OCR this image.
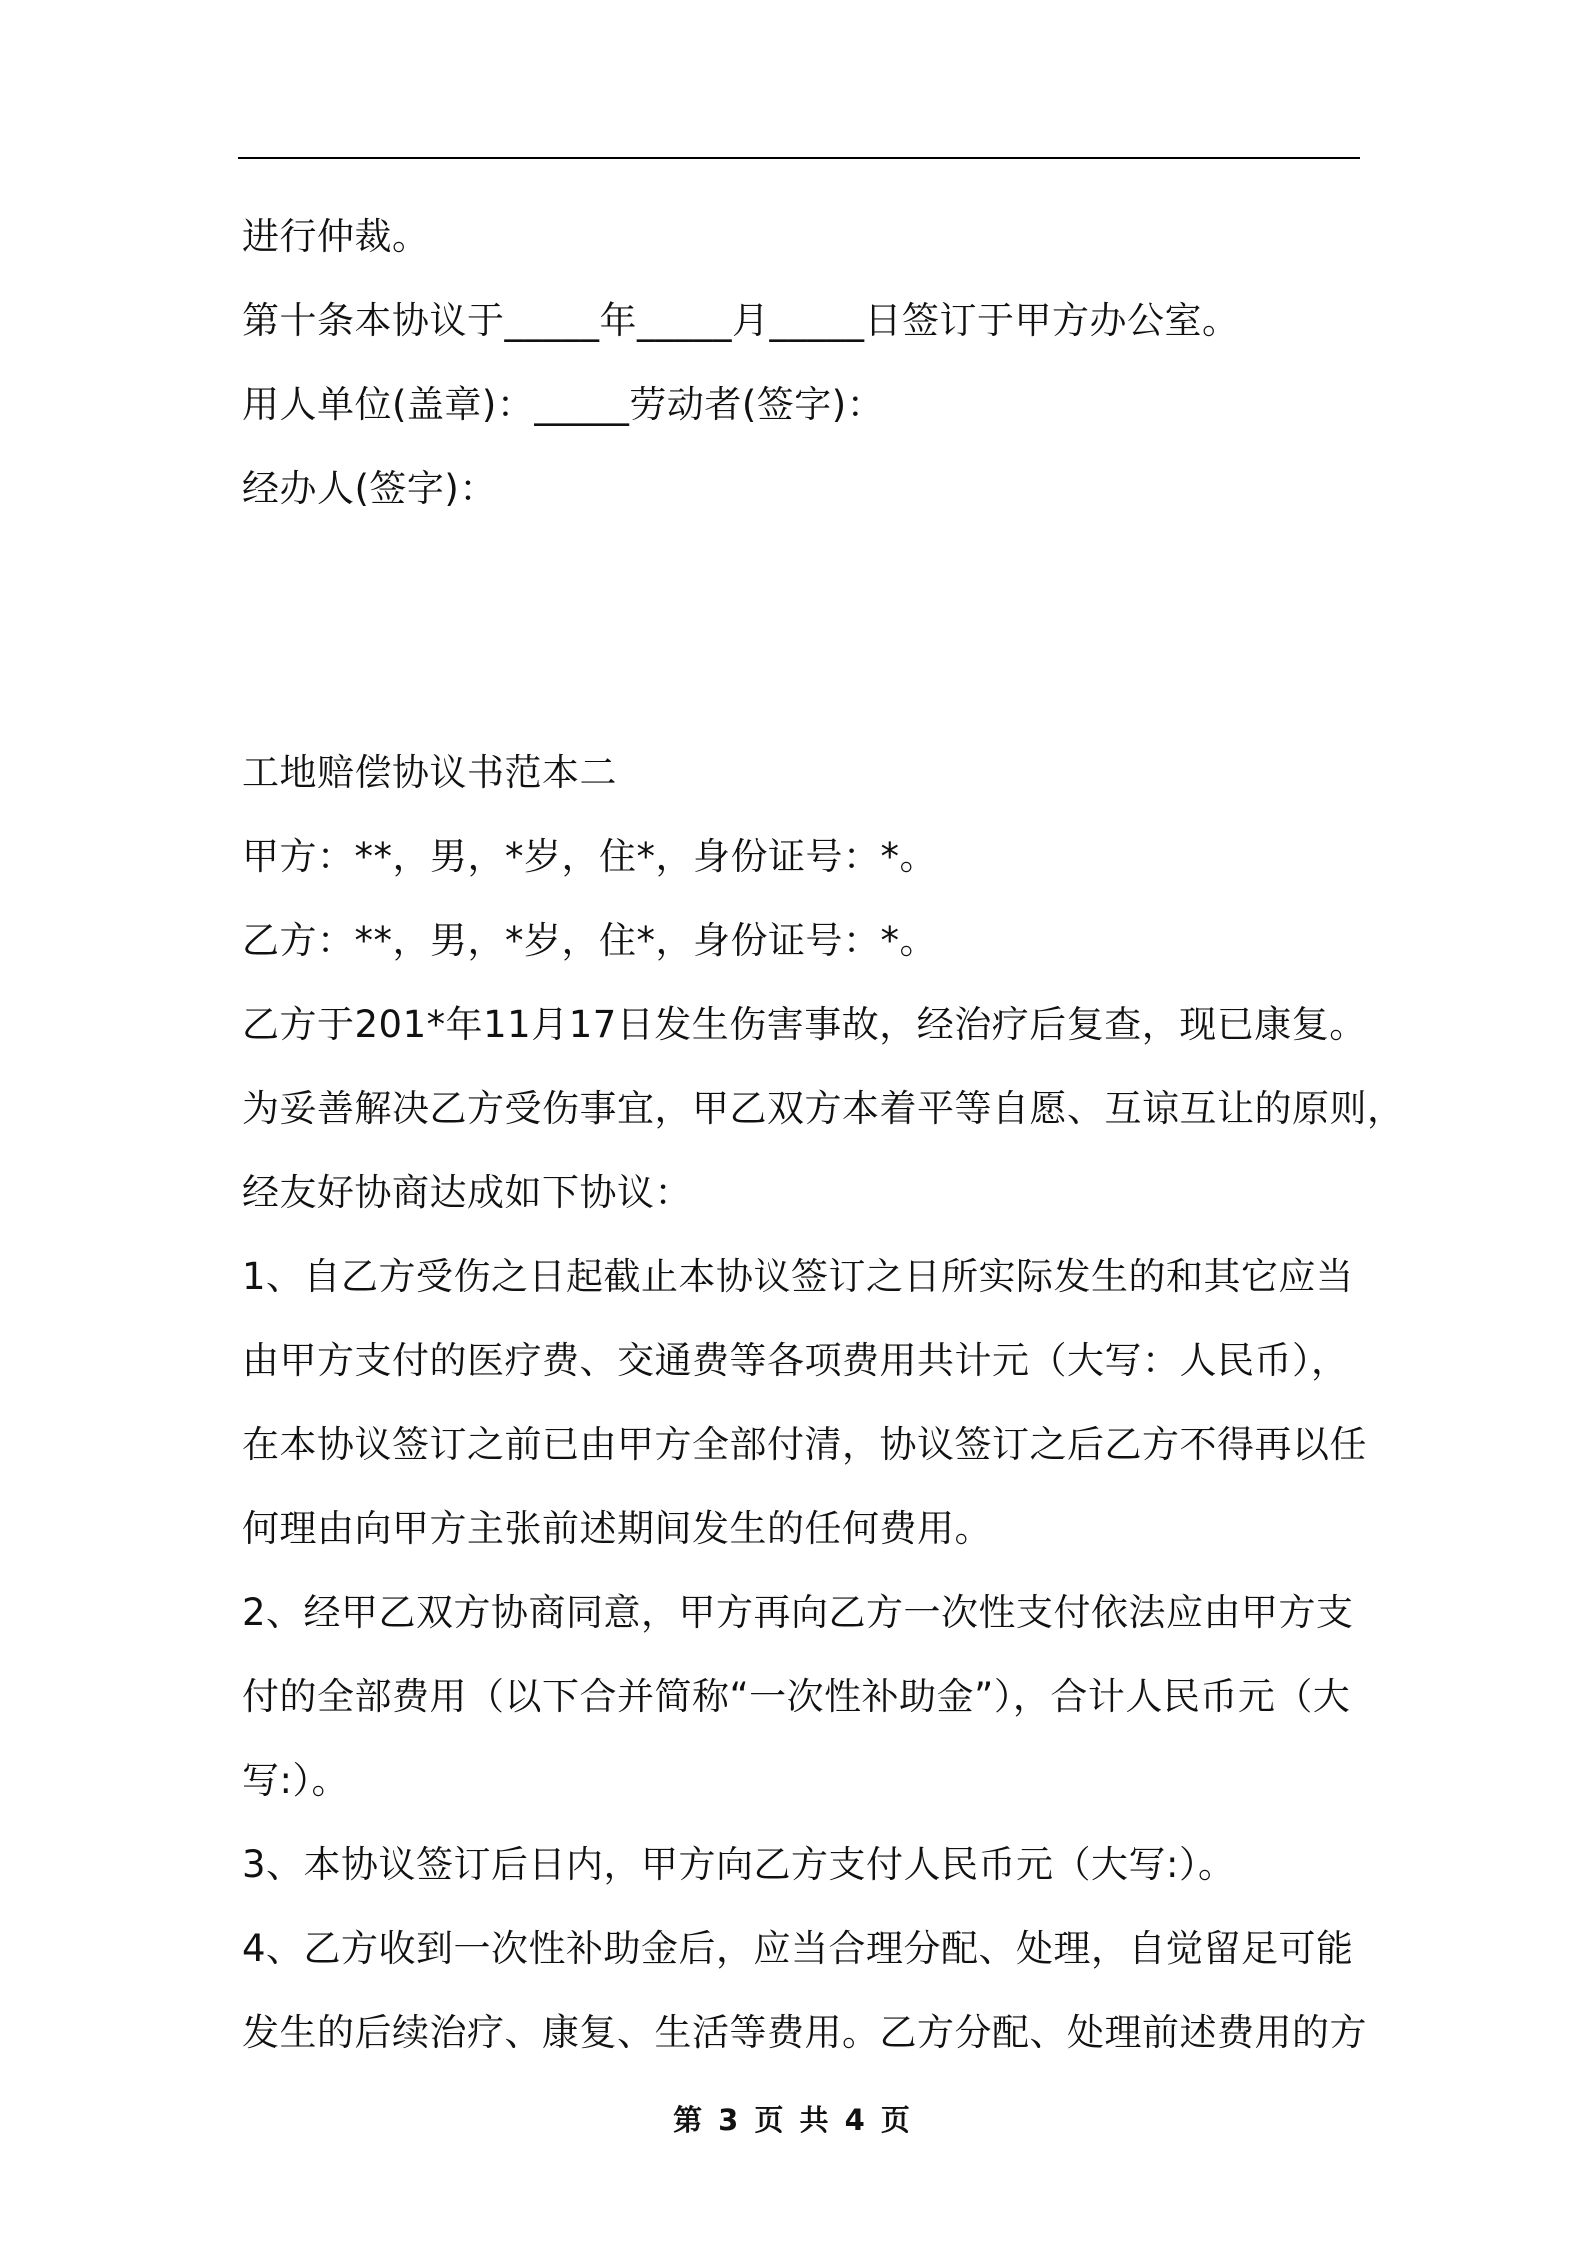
进行仲裁。
第十条本协议于_____年_____月_____日签订于甲方办公室。
用人单位(盖章)：_____劳动者(签字)：
经办人(签字)：
工地赔偿协议书范本二
甲方：**，男，*岁，住*，身份证号：*。
乙方：**，男，*岁，住*，身份证号：*。
乙方于201*年11月17日发生伤害事故，经治疗后复查，现已康复。
为妥善解决乙方受伤事宜，甲乙双方本着平等自愿、互谅互让的原则，
经友好协商达成如下协议：
1、自乙方受伤之日起截止本协议签订之日所实际发生的和其它应当
由甲方支付的医疗费、交通费等各项费用共计元（大写：人民币），
在本协议签订之前已由甲方全部付清，协议签订之后乙方不得再以任
何理由向甲方主张前述期间发生的任何费用。
2、经甲乙双方协商同意，甲方再向乙方一次性支付依法应由甲方支
付的全部费用（以下合并简称“一次性补助金”），合计人民币元（大
写:）。
3、本协议签订后日内，甲方向乙方支付人民币元（大写:）。
4、乙方收到一次性补助金后，应当合理分配、处理，自觉留足可能
发生的后续治疗、康复、生活等费用。乙方分配、处理前述费用的方
第 3 页 共 4 页
